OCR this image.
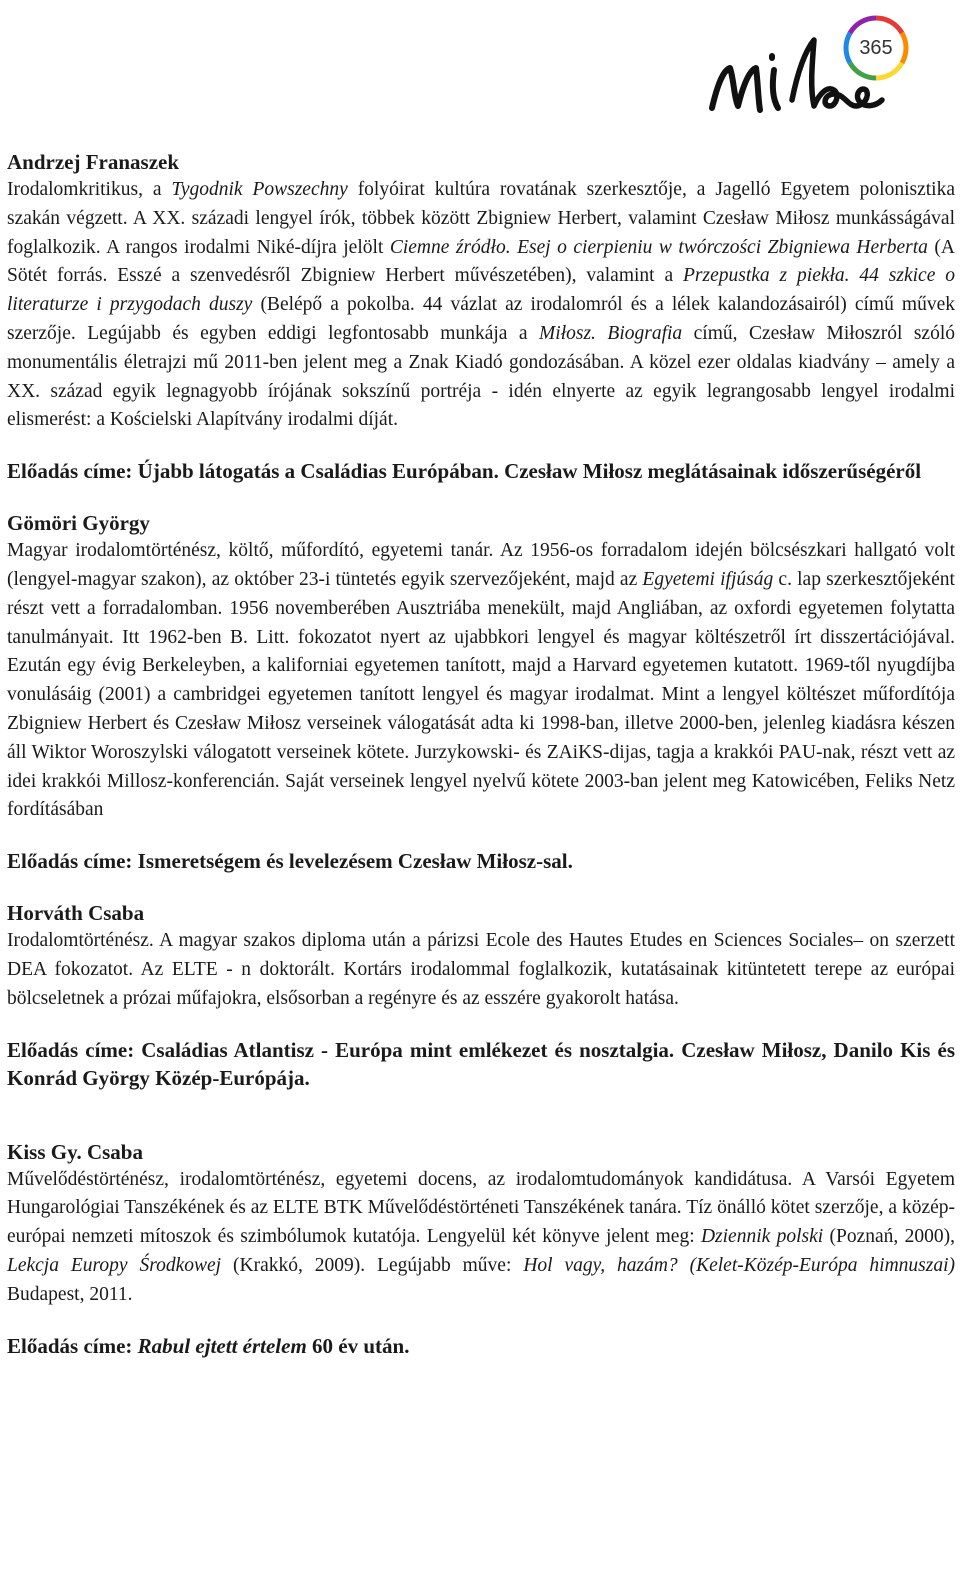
365

Andrzej Franaszek

Irodalomkritikus, a Tygodnik Powszechny folyóirat kultúra rovatának szerkesztője, a Jagelló Egyetem polonisztika szakán végzett. A XX. századi lengyel írók, többek között Zbigniew Herbert, valamint Czesław Miłosz munkásságával foglalkozik. A rangos irodalmi Niké-díjra jelölt Ciemne źródło. Esej o cierpieniu w twórczości Zbigniewa Herberta (A Sötét forrás. Esszé a szenvedésről Zbigniew Herbert művészetében), valamint a Przepustka z piekła. 44 szkice o literaturze i przygodach duszy (Belépő a pokolba. 44 vázlat az irodalomról és a lélek kalandozásairól) című művek szerzője. Legújabb és egyben eddigi legfontosabb munkája a Miłosz. Biografia című, Czesław Miłoszról szóló monumentális életrajzi mű 2011-ben jelent meg a Znak Kiadó gondozásában. A közel ezer oldalas kiadvány – amely a XX. század egyik legnagyobb írójának sokszínű portréja - idén elnyerte az egyik legrangosabb lengyel irodalmi elismerést: a Kościelski Alapítvány irodalmi díját.

Előadás címe: Újabb látogatás a Családias Európában. Czesław Miłosz meglátásainak időszerűségéről

Gömöri György

Magyar irodalomtörténész, költő, műfordító, egyetemi tanár. Az 1956-os forradalom idején bölcsészkari hallgató volt (lengyel-magyar szakon), az október 23-i tüntetés egyik szervezőjeként, majd az Egyetemi ifjúság c. lap szerkesztőjeként részt vett a forradalomban. 1956 novemberében Ausztriába menekült, majd Angliában, az oxfordi egyetemen folytatta tanulmányait. Itt 1962-ben B. Litt. fokozatot nyert az ujabbkori lengyel és magyar költészetről írt disszertációjával. Ezután egy évig Berkeleyben, a kaliforniai egyetemen tanított, majd a Harvard egyetemen kutatott. 1969-től nyugdíjba vonulásáig (2001) a cambridgei egyetemen tanított lengyel és magyar irodalmat. Mint a lengyel költészet műfordítója Zbigniew Herbert és Czesław Miłosz verseinek válogatását adta ki 1998-ban, illetve 2000-ben, jelenleg kiadásra készen áll Wiktor Woroszylski válogatott verseinek kötete. Jurzykowski- és ZAiKS-dijas, tagja a krakkói PAU-nak, részt vett az idei krakkói Millosz-konferencián. Saját verseinek lengyel nyelvű kötete 2003-ban jelent meg Katowicében, Feliks Netz fordításában

Előadás címe: Ismeretségem és levelezésem Czesław Miłosz-sal.

Horváth Csaba

Irodalomtörténész. A magyar szakos diploma után a párizsi Ecole des Hautes Etudes en Sciences Sociales– on szerzett DEA fokozatot. Az ELTE - n doktorált. Kortárs irodalommal foglalkozik, kutatásainak kitüntetett terepe az európai bölcseletnek a prózai műfajokra, elsősorban a regényre és az esszére gyakorolt hatása.

Előadás címe: Családias Atlantisz - Európa mint emlékezet és nosztalgia. Czesław Miłosz, Danilo Kis és Konrád György Közép-Európája.

Kiss Gy. Csaba

Művelődéstörténész, irodalomtörténész, egyetemi docens, az irodalomtudományok kandidátusa. A Varsói Egyetem Hungarológiai Tanszékének és az ELTE BTK Művelődéstörténeti Tanszékének tanára. Tíz önálló kötet szerzője, a közép-európai nemzeti mítoszok és szimbólumok kutatója. Lengyelül két könyve jelent meg: Dziennik polski (Poznań, 2000), Lekcja Europy Środkowej (Krakkó, 2009). Legújabb műve: Hol vagy, hazám? (Kelet-Közép-Európa himnuszai) Budapest, 2011.

Előadás címe: Rabul ejtett értelem 60 év után.
